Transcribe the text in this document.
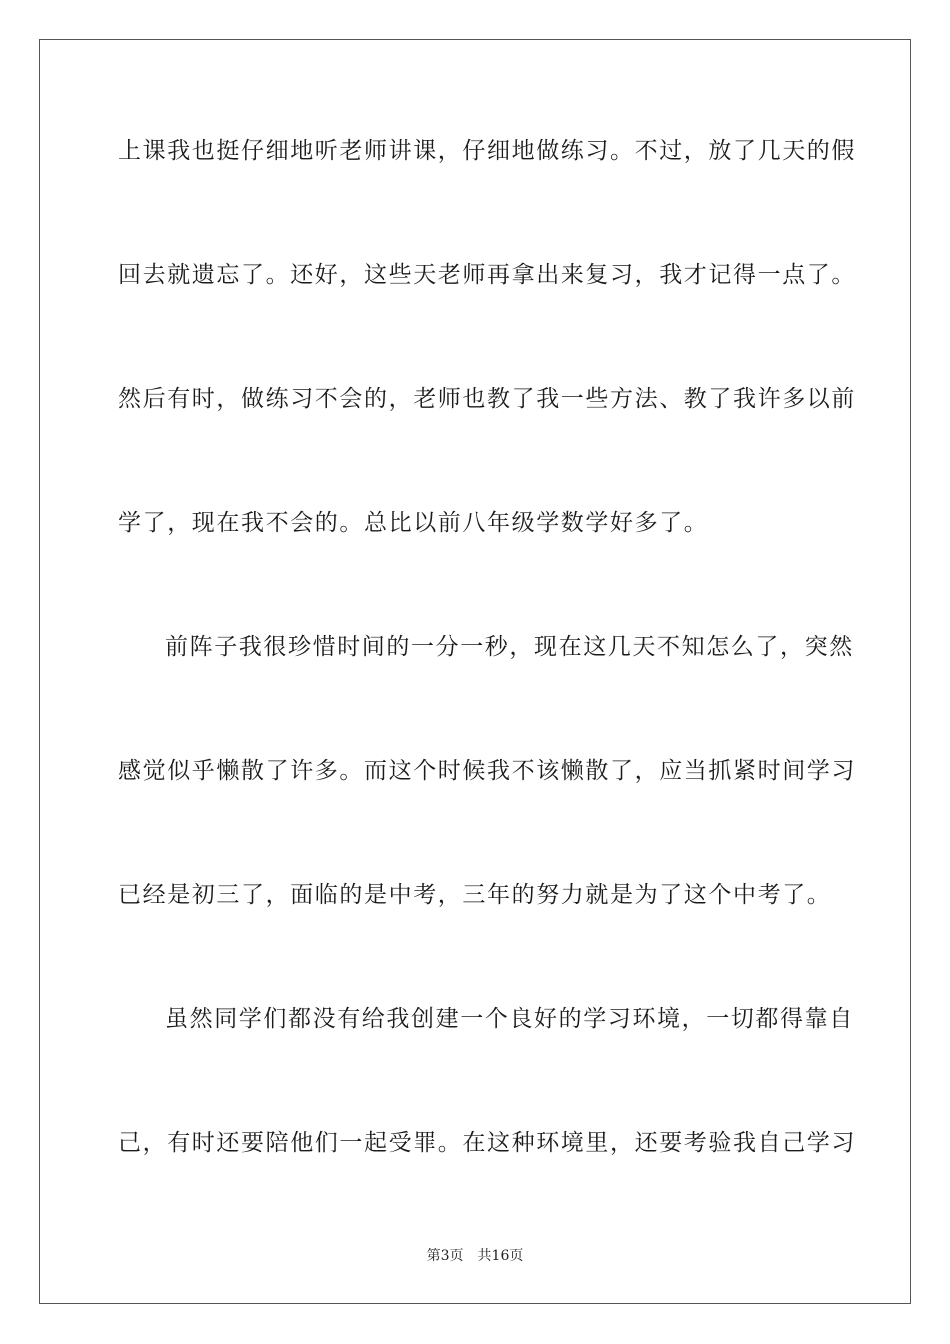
上课我也挺仔细地听老师讲课，仔细地做练习。不过，放了几天的假
回去就遗忘了。还好，这些天老师再拿出来复习，我才记得一点了。
然后有时，做练习不会的，老师也教了我一些方法、教了我许多以前
学了，现在我不会的。总比以前八年级学数学好多了。
前阵子我很珍惜时间的一分一秒，现在这几天不知怎么了，突然
感觉似乎懒散了许多。而这个时候我不该懒散了，应当抓紧时间学习
已经是初三了，面临的是中考，三年的努力就是为了这个中考了。
虽然同学们都没有给我创建一个良好的学习环境，一切都得靠自
己，有时还要陪他们一起受罪。在这种环境里，还要考验我自己学习
第3页 共16页
